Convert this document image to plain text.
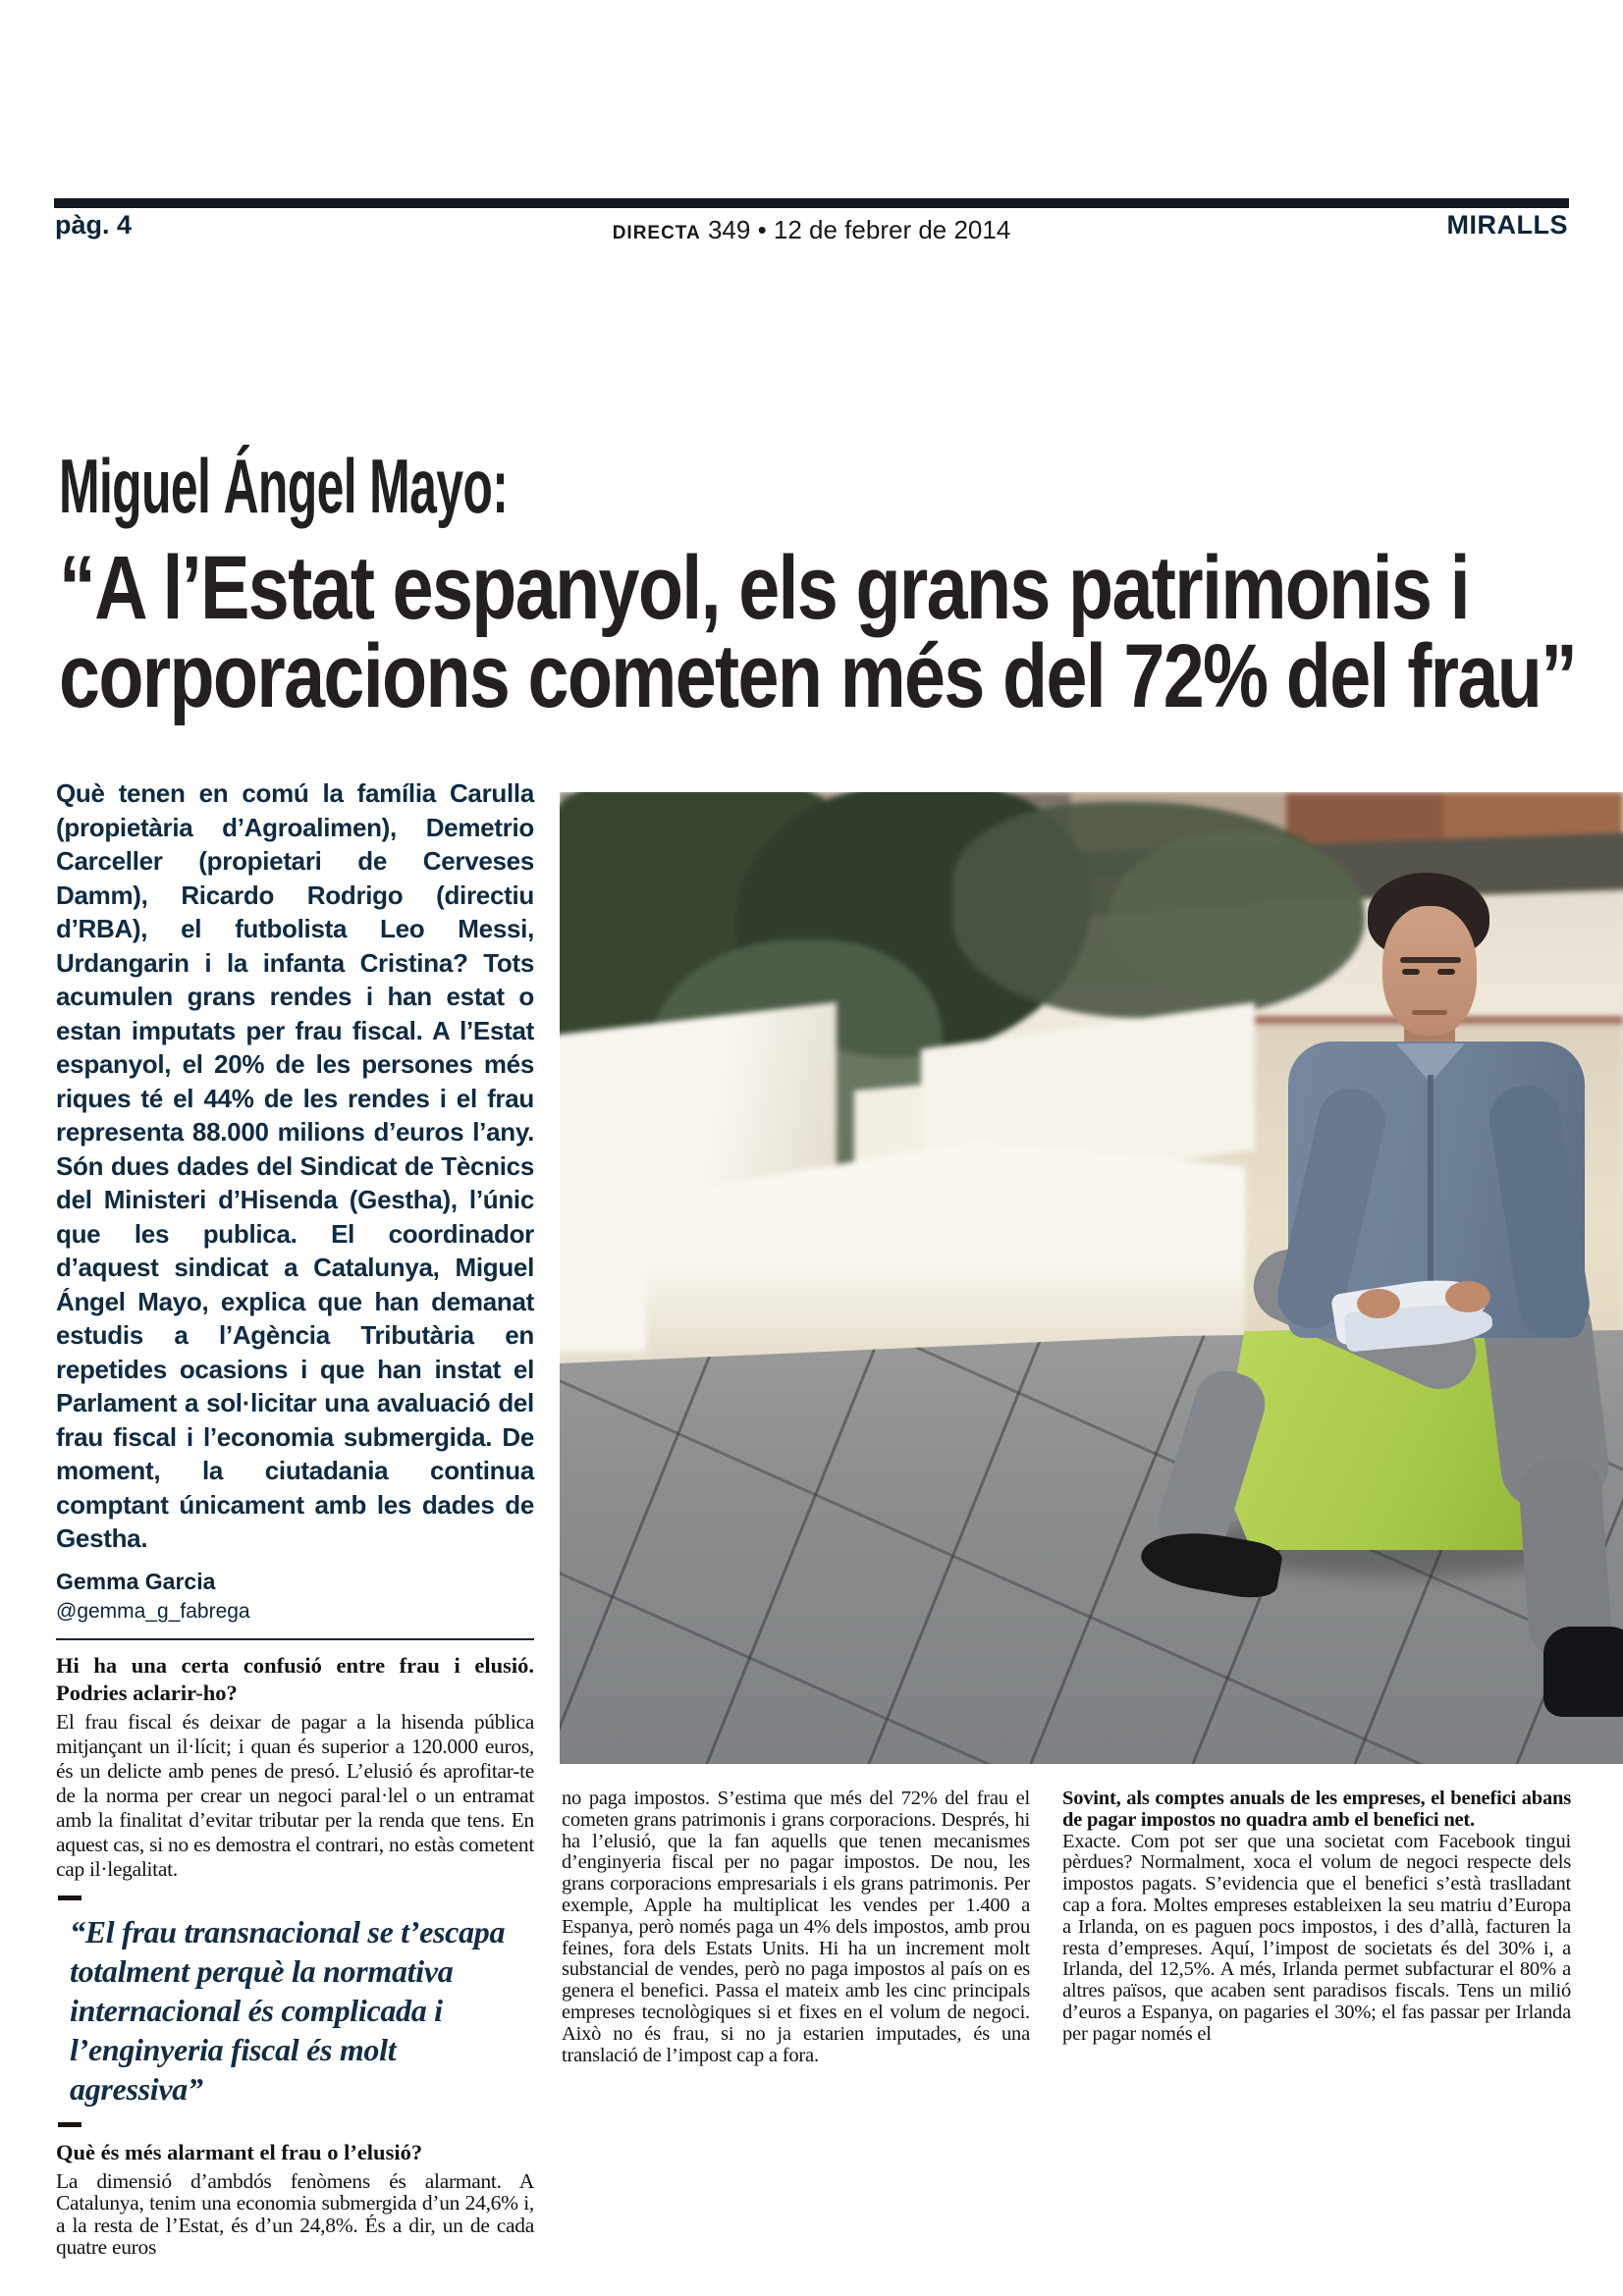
pàg. 4	DIRECTA 349 • 12 de febrer de 2014	MIRALLS
Miguel Ángel Mayo:
“A l’Estat espanyol, els grans patrimonis i
corporacions cometen més del 72% del frau”

Què tenen en comú la família Carulla (propietària d’Agroalimen), Demetrio Carceller (propietari de Cerveses Damm), Ricardo Rodrigo (directiu d’RBA), el futbolista Leo Messi, Urdangarin i la infanta Cristina? Tots acumulen grans rendes i han estat o estan imputats per frau fiscal. A l’Estat espanyol, el 20% de les persones més riques té el 44% de les rendes i el frau representa 88.000 milions d’euros l’any. Són dues dades del Sindicat de Tècnics del Ministeri d’Hisenda (Gestha), l’únic que les publica. El coordinador d’aquest sindicat a Catalunya, Miguel Ángel Mayo, explica que han demanat estudis a l’Agència Tributària en repetides ocasions i que han instat el Parlament a sol·licitar una avaluació del frau fiscal i l’economia submergida. De moment, la ciutadania continua comptant únicament amb les dades de Gestha.

Gemma Garcia
@gemma_g_fabrega

Hi ha una certa confusió entre frau i elusió. Podries aclarir-ho?

El frau fiscal és deixar de pagar a la hisenda pública mitjançant un il·lícit; i quan és superior a 120.000 euros, és un delicte amb penes de presó. L’elusió és aprofitar-te de la norma per crear un negoci paral·lel o un entramat amb la finalitat d’evitar tributar per la renda que tens. En aquest cas, si no es demostra el contrari, no estàs cometent cap il·legalitat.

“El frau transnacional se t’escapa totalment perquè la normativa internacional és complicada i l’enginyeria fiscal és molt agressiva”

Què és més alarmant el frau o l’elusió?

La dimensió d’ambdós fenòmens és alarmant. A Catalunya, tenim una economia submergida d’un 24,6% i, a la resta de l’Estat, és d’un 24,8%. És a dir, un de cada quatre euros

no paga impostos. S’estima que més del 72% del frau el cometen grans patrimonis i grans corporacions. Després, hi ha l’elusió, que la fan aquells que tenen mecanismes d’enginyeria fiscal per no pagar impostos. De nou, les grans corporacions empresarials i els grans patrimonis. Per exemple, Apple ha multiplicat les vendes per 1.400 a Espanya, però només paga un 4% dels impostos, amb prou feines, fora dels Estats Units. Hi ha un increment molt substancial de vendes, però no paga impostos al país on es genera el benefici. Passa el mateix amb les cinc principals empreses tecnològiques si et fixes en el volum de negoci. Això no és frau, si no ja estarien imputades, és una translació de l’impost cap a fora.

Sovint, als comptes anuals de les empreses, el benefici abans de pagar impostos no quadra amb el benefici net.

Exacte. Com pot ser que una societat com Facebook tingui pèrdues? Normalment, xoca el volum de negoci respecte dels impostos pagats. S’evidencia que el benefici s’està traslladant cap a fora. Moltes empreses estableixen la seu matriu d’Europa a Irlanda, on es paguen pocs impostos, i des d’allà, facturen la resta d’empreses. Aquí, l’impost de societats és del 30% i, a Irlanda, del 12,5%. A més, Irlanda permet subfacturar el 80% a altres països, que acaben sent paradisos fiscals. Tens un milió d’euros a Espanya, on pagaries el 30%; el fas passar per Irlanda per pagar només el
